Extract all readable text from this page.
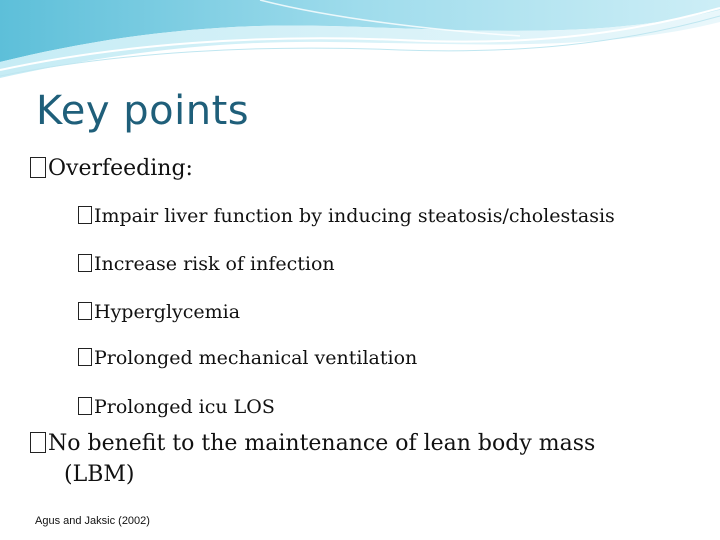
Key points
Overfeeding:
Impair liver function by inducing steatosis/cholestasis
Increase risk of infection
Hyperglycemia
Prolonged mechanical ventilation
Prolonged icu LOS
No benefit to the maintenance of lean body mass
(LBM)
Agus and Jaksic (2002)
